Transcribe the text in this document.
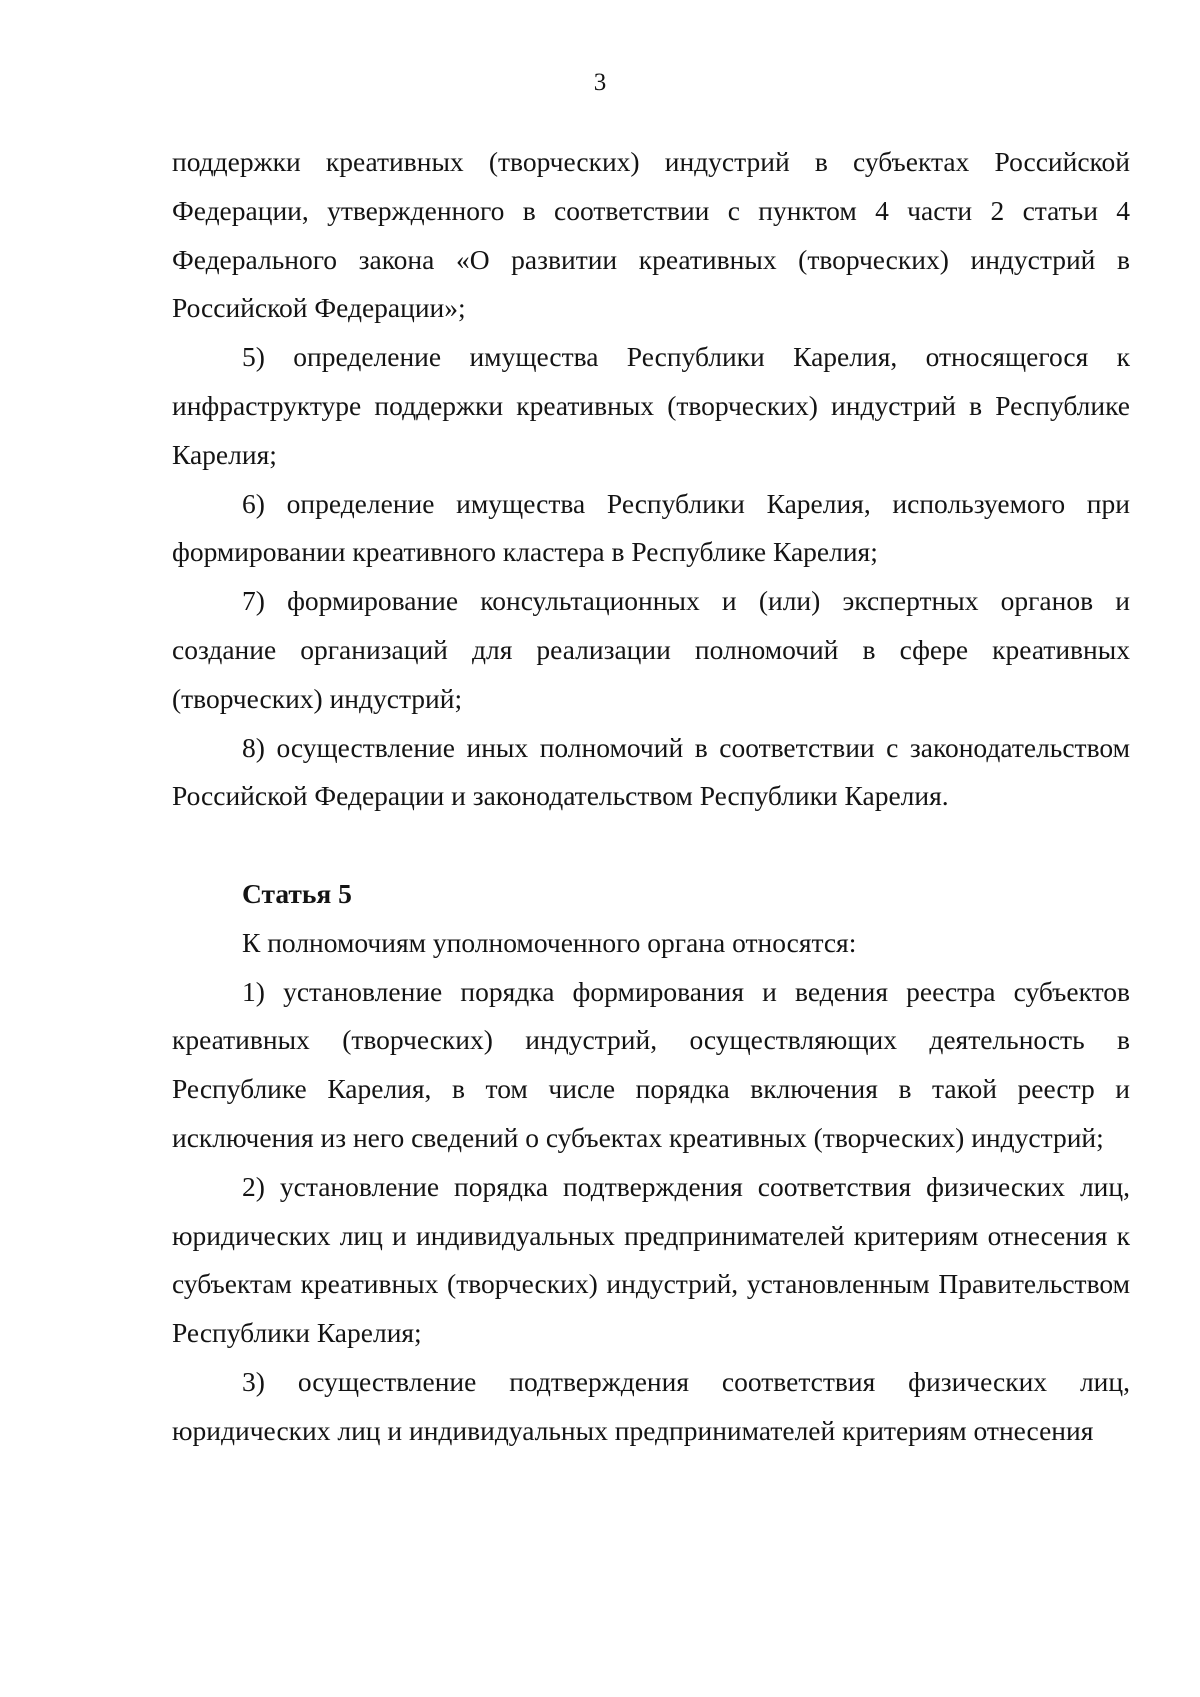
3

поддержки креативных (творческих) индустрий в субъектах Российской Федерации, утвержденного в соответствии с пунктом 4 части 2 статьи 4 Федерального закона «О развитии креативных (творческих) индустрий в Российской Федерации»;

5) определение имущества Республики Карелия, относящегося к инфраструктуре поддержки креативных (творческих) индустрий в Республике Карелия;

6) определение имущества Республики Карелия, используемого при формировании креативного кластера в Республике Карелия;

7) формирование консультационных и (или) экспертных органов и создание организаций для реализации полномочий в сфере креативных (творческих) индустрий;

8) осуществление иных полномочий в соответствии с законодательством Российской Федерации и законодательством Республики Карелия.

Статья 5

К полномочиям уполномоченного органа относятся:

1) установление порядка формирования и ведения реестра субъектов креативных (творческих) индустрий, осуществляющих деятельность в Республике Карелия, в том числе порядка включения в такой реестр и исключения из него сведений о субъектах креативных (творческих) индустрий;

2) установление порядка подтверждения соответствия физических лиц, юридических лиц и индивидуальных предпринимателей критериям отнесения к субъектам креативных (творческих) индустрий, установленным Правительством Республики Карелия;

3) осуществление подтверждения соответствия физических лиц, юридических лиц и индивидуальных предпринимателей критериям отнесения
